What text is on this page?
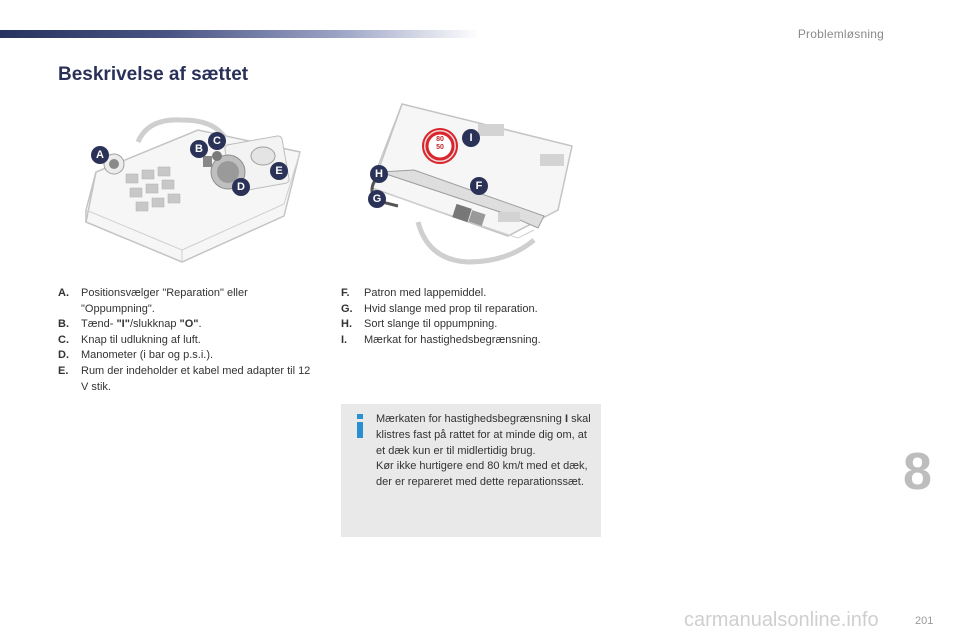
Problemløsning
Beskrivelse af sættet
A	B
C
D
E
80
50
I
F
H
G
A. Positionsvælger "Reparation" eller "Oppumpning".
B. Tænd- "I"/slukknap "O".
C. Knap til udlukning af luft.
D. Manometer (i bar og p.s.i.).
E. Rum der indeholder et kabel med adapter til 12 V stik.
F. Patron med lappemiddel.
G. Hvid slange med prop til reparation.
H. Sort slange til oppumpning.
I. Mærkat for hastighedsbegrænsning.
Mærkaten for hastighedsbegrænsning I skal klistres fast på rattet for at minde dig om, at et dæk kun er til midlertidig brug.
Kør ikke hurtigere end 80 km/t med et dæk, der er repareret med dette reparationssæt.	8
carmanualsonline.info	201
